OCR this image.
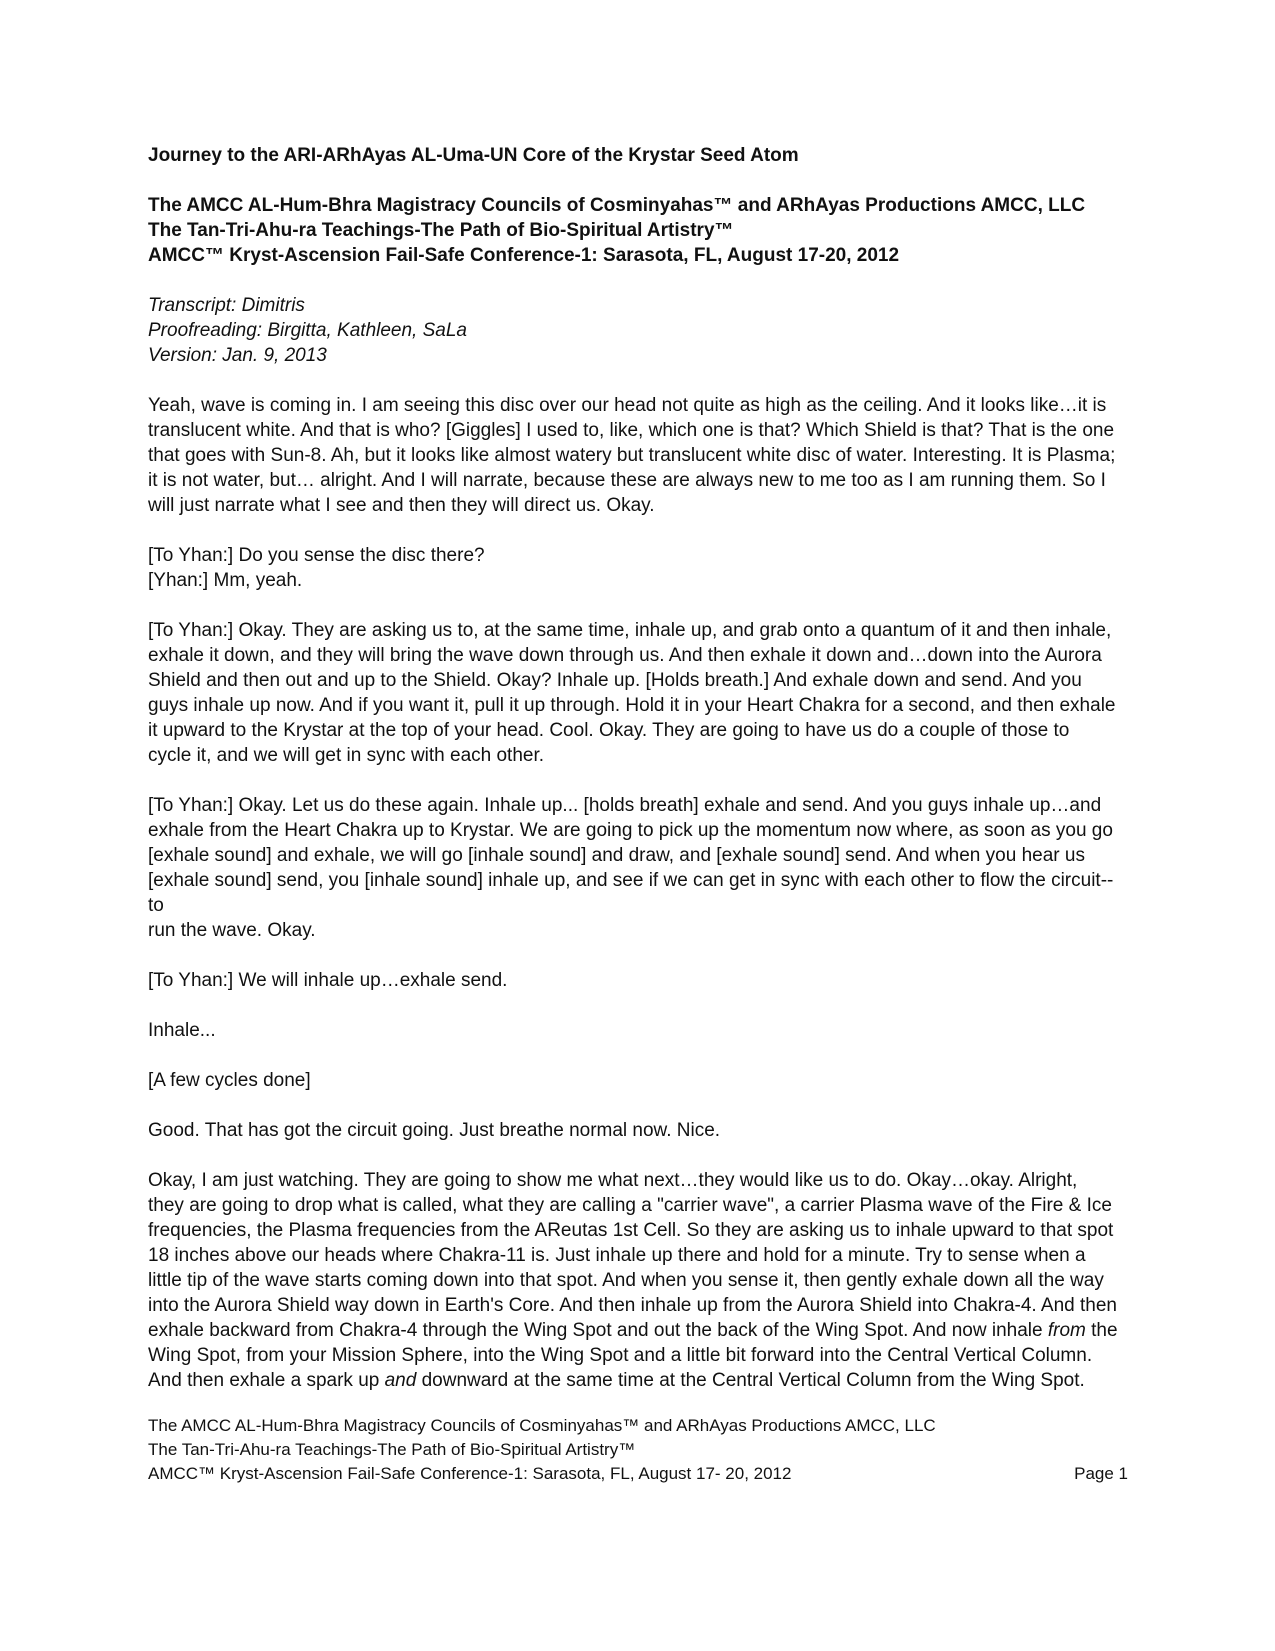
Journey to the ARI-ARhAyas AL-Uma-UN Core of the Krystar Seed Atom
The AMCC AL-Hum-Bhra Magistracy Councils of Cosminyahas™ and ARhAyas Productions AMCC, LLC
The Tan-Tri-Ahu-ra Teachings-The Path of Bio-Spiritual Artistry™
AMCC™ Kryst-Ascension Fail-Safe Conference-1: Sarasota, FL, August 17-20, 2012
Transcript: Dimitris
Proofreading: Birgitta, Kathleen, SaLa
Version: Jan. 9, 2013
Yeah, wave is coming in. I am seeing this disc over our head not quite as high as the ceiling. And it looks like…it is
translucent white. And that is who? [Giggles] I used to, like, which one is that? Which Shield is that? That is the one
that goes with Sun-8. Ah, but it looks like almost watery but translucent white disc of water. Interesting. It is Plasma;
it is not water, but… alright. And I will narrate, because these are always new to me too as I am running them. So I
will just narrate what I see and then they will direct us. Okay.
[To Yhan:] Do you sense the disc there?
[Yhan:] Mm, yeah.
[To Yhan:] Okay. They are asking us to, at the same time, inhale up, and grab onto a quantum of it and then inhale,
exhale it down, and they will bring the wave down through us. And then exhale it down and…down into the Aurora
Shield and then out and up to the Shield. Okay? Inhale up. [Holds breath.] And exhale down and send. And you
guys inhale up now. And if you want it, pull it up through. Hold it in your Heart Chakra for a second, and then exhale
it upward to the Krystar at the top of your head. Cool. Okay. They are going to have us do a couple of those to
cycle it, and we will get in sync with each other.
[To Yhan:] Okay. Let us do these again. Inhale up... [holds breath] exhale and send. And you guys inhale up…and
exhale from the Heart Chakra up to Krystar. We are going to pick up the momentum now where, as soon as you go
[exhale sound] and exhale, we will go [inhale sound] and draw, and [exhale sound] send. And when you hear us
[exhale sound] send, you [inhale sound] inhale up, and see if we can get in sync with each other to flow the circuit--to
run the wave. Okay.
[To Yhan:] We will inhale up…exhale send.
Inhale...
[A few cycles done]
Good. That has got the circuit going. Just breathe normal now. Nice.
Okay, I am just watching. They are going to show me what next…they would like us to do. Okay…okay. Alright,
they are going to drop what is called, what they are calling a "carrier wave", a carrier Plasma wave of the Fire & Ice
frequencies, the Plasma frequencies from the AReutas 1st Cell. So they are asking us to inhale upward to that spot
18 inches above our heads where Chakra-11 is. Just inhale up there and hold for a minute. Try to sense when a
little tip of the wave starts coming down into that spot. And when you sense it, then gently exhale down all the way
into the Aurora Shield way down in Earth's Core. And then inhale up from the Aurora Shield into Chakra-4. And then
exhale backward from Chakra-4 through the Wing Spot and out the back of the Wing Spot. And now inhale from the
Wing Spot, from your Mission Sphere, into the Wing Spot and a little bit forward into the Central Vertical Column.
And then exhale a spark up and downward at the same time at the Central Vertical Column from the Wing Spot.
The AMCC AL-Hum-Bhra Magistracy Councils of Cosminyahas™ and ARhAyas Productions AMCC, LLC
The Tan-Tri-Ahu-ra Teachings-The Path of Bio-Spiritual Artistry™
AMCC™ Kryst-Ascension Fail-Safe Conference-1: Sarasota, FL, August 17- 20, 2012	Page 1
